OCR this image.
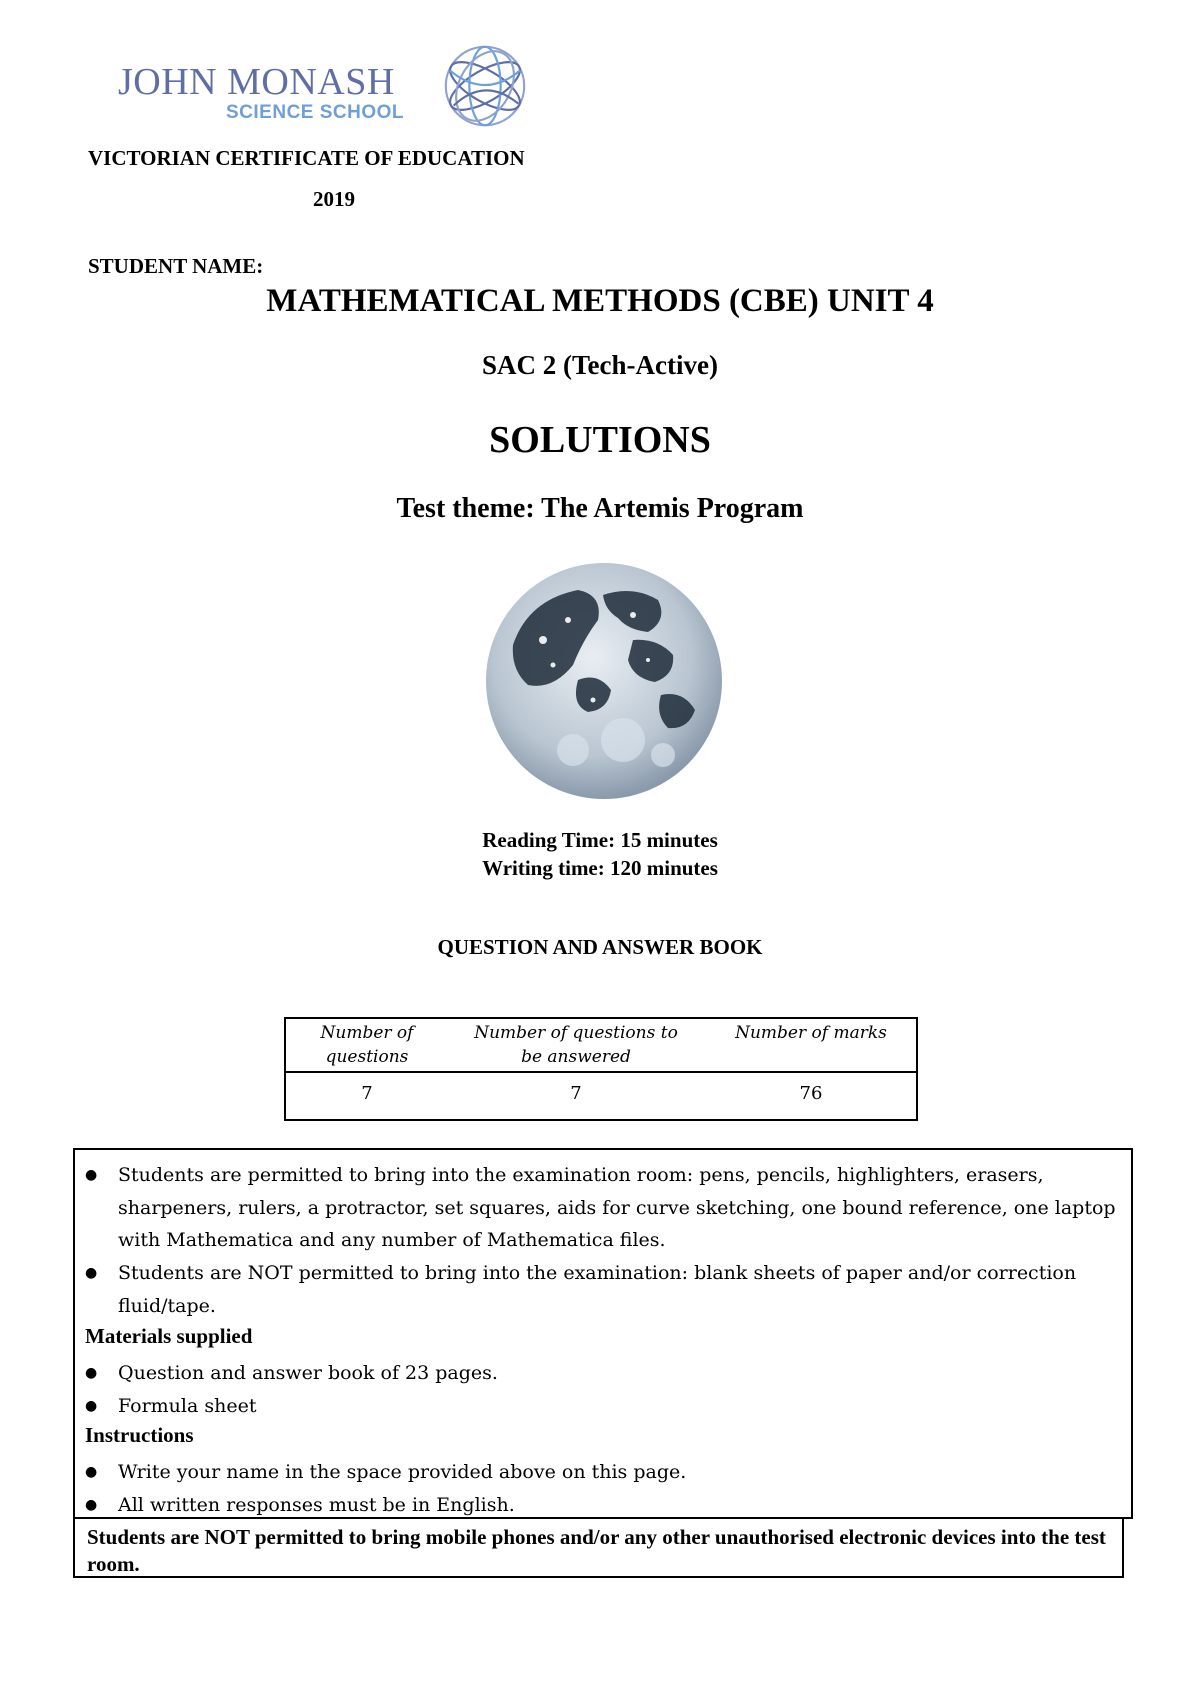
JOHN MONASH
SCIENCE SCHOOL
VICTORIAN CERTIFICATE OF EDUCATION
2019
STUDENT NAME:
MATHEMATICAL METHODS (CBE) UNIT 4
SAC 2 (Tech-Active)
SOLUTIONS
Test theme: The Artemis Program
Reading Time: 15 minutes
Writing time: 120 minutes
QUESTION AND ANSWER BOOK
Number of questions
Number of questions to be answered
Number of marks
7	7	76
● Students are permitted to bring into the examination room: pens, pencils, highlighters, erasers, sharpeners, rulers, a protractor, set squares, aids for curve sketching, one bound reference, one laptop with Mathematica and any number of Mathematica files.
● Students are NOT permitted to bring into the examination: blank sheets of paper and/or correction fluid/tape.
Materials supplied
● Question and answer book of 23 pages.
● Formula sheet
Instructions
● Write your name in the space provided above on this page.
● All written responses must be in English.
Students are NOT permitted to bring mobile phones and/or any other unauthorised electronic devices into the test room.
